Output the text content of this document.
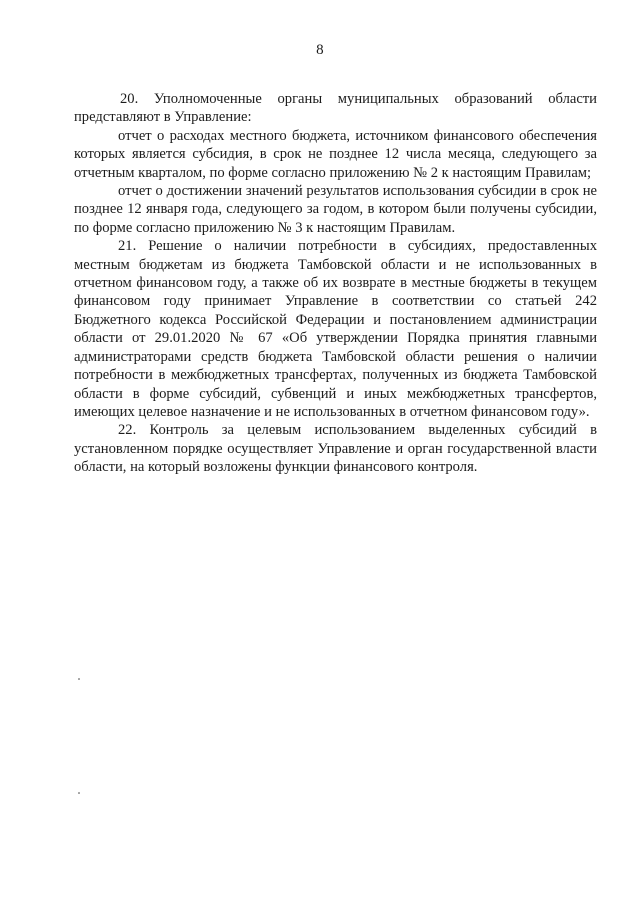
8

20. Уполномоченные органы муниципальных образований области представляют в Управление:

отчет о расходах местного бюджета, источником финансового обеспечения которых является субсидия, в срок не позднее 12 числа месяца, следующего за отчетным кварталом, по форме согласно приложению № 2 к настоящим Правилам;

отчет о достижении значений результатов использования субсидии в срок не позднее 12 января года, следующего за годом, в котором были получены субсидии, по форме согласно приложению № 3 к настоящим Правилам.

21. Решение о наличии потребности в субсидиях, предоставленных местным бюджетам из бюджета Тамбовской области и не использованных в отчетном финансовом году, а также об их возврате в местные бюджеты в текущем финансовом году принимает Управление в соответствии со статьей 242 Бюджетного кодекса Российской Федерации и постановлением администрации области от 29.01.2020 № 67 «Об утверждении Порядка принятия главными администраторами средств бюджета Тамбовской области решения о наличии потребности в межбюджетных трансфертах, полученных из бюджета Тамбовской области в форме субсидий, субвенций и иных межбюджетных трансфертов, имеющих целевое назначение и не использованных в отчетном финансовом году».

22. Контроль за целевым использованием выделенных субсидий в установленном порядке осуществляет Управление и орган государственной власти области, на который возложены функции финансового контроля.
